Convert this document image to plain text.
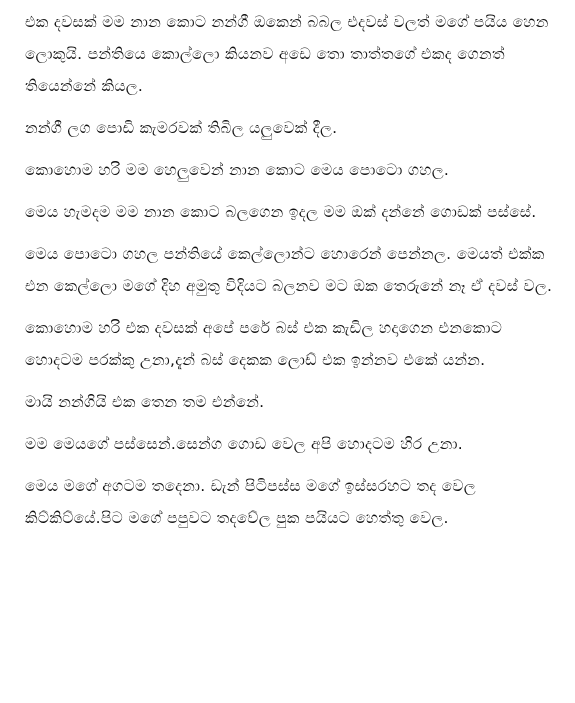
එක දවසක් මම නාන කොට නන්ගී ඔකෙන් බබල එදවස් වලත් මගේ පයිය හෙන ලොකුයි. පන්තියෙ කොල්ලො කියනව අඩෙ තො තාත්තගේ එකද ගෙනත් තියෙන්නේ කියල.

නන්ගී ලග පොඩි කැමරවක් තිබිල යලුවෙක් දීල.

කොහොම හරි මම හෙලුවෙන් නාන කොට මෙය පොටො ගහල.

මෙය හැමදම මම නාන කොට බලගෙන ඉදල මම ඔක් දන්නේ ගොඩක් පස්සේ.

මෙය පොටො ගහල පන්තියේ කෙල්ලොන්ට හොරෙන් පෙන්නල. මෙයත් එක්ක එන කෙල්ලො මගේ දිහ අමුතු විදියට බලනව මට ඔක තෙරුනේ නෑ ඒ දවස් වල.

කොහොම හරි එක දවසක් අපේ පරේ බස් එක කැඩිල හදාගෙන එනකොට හොදටම පරක්කු උනා,දැන් බස් දෙකක ලොඩ් එක ඉන්නව එකේ යන්න.

මායි නන්ගියි එක තෙන තම එන්නේ.

මම මෙයගේ පස්සෙන්.සෙන්ග ගොඩ වෙල අපි හොදටම හිර උනා.

මෙය මගේ අගටම තදෙනා. ඩැන් පිටිපස්ස මගේ ඉස්සරහට තද වෙල කිට්කිට්යේ.පිට මගේ පපුවට තදවේල පුක පයියට හෙත්තු වෙල.
